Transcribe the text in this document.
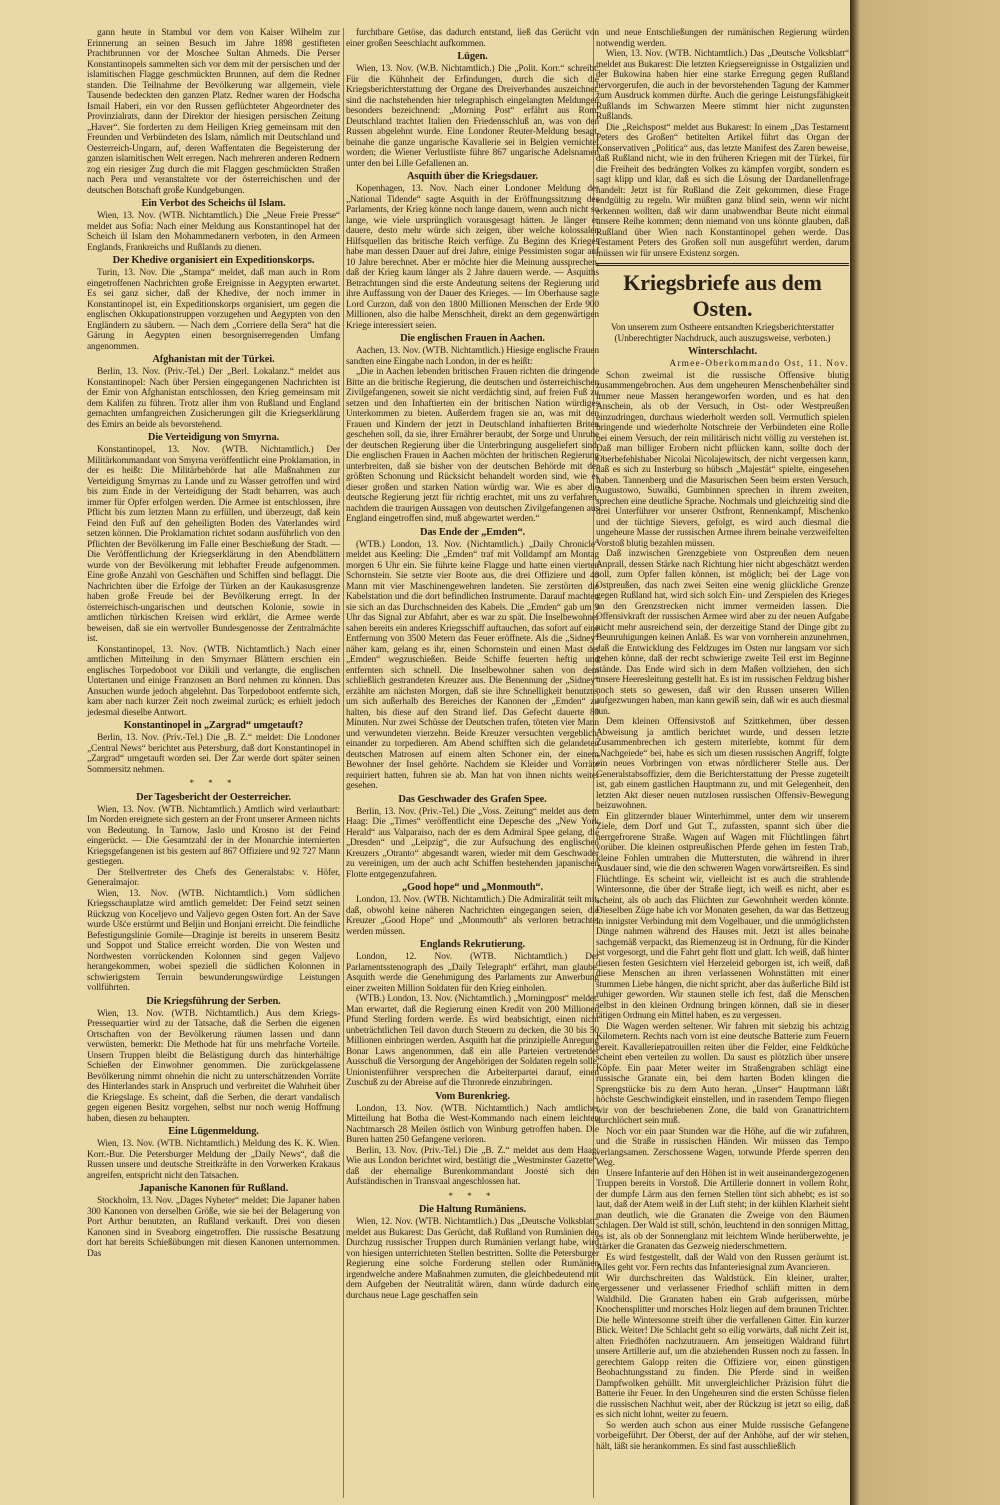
gann heute in Stambul vor dem von Kaiser Wilhelm zur Erinnerung an seinen Besuch im Jahre 1898 gestifteten Prachtbrunnen vor der Moschee Sultan Ahmeds. Die Perser Konstantinopels sammelten sich vor dem mit der persischen und der islamitischen Flagge geschmückten Brunnen, auf dem die Redner standen. Die Teilnahme der Bevölkerung war allgemein, viele Tausende bedeckten den ganzen Platz. Redner waren der Hodscha Ismail Haberi, ein vor den Russen geflüchteter Abgeordneter des Provinzialrats, dann der Direktor der hiesigen persischen Zeitung „Haver“. Sie forderten zu dem Heiligen Krieg gemeinsam mit den Freunden und Verbündeten des Islam, nämlich mit Deutschland und Oesterreich-Ungarn, auf, deren Waffentaten die Begeisterung der ganzen islamitischen Welt erregen. Nach mehreren anderen Rednern zog ein riesiger Zug durch die mit Flaggen geschmückten Straßen nach Pera und veranstaltete vor der österreichischen und der deutschen Botschaft große Kundgebungen.

Ein Verbot des Scheichs ül Islam.

Wien, 13. Nov. (WTB. Nichtamtlich.) Die „Neue Freie Presse“ meldet aus Sofia: Nach einer Meldung aus Konstantinopel hat der Scheich ül Islam den Mohammedanern verboten, in den Armeen Englands, Frankreichs und Rußlands zu dienen.

Der Khedive organisiert ein Expeditionskorps.

Turin, 13. Nov. Die „Stampa“ meldet, daß man auch in Rom eingetroffenen Nachrichten große Ereignisse in Aegypten erwartet. Es sei ganz sicher, daß der Khedive, der noch immer in Konstantinopel ist, ein Expeditionskorps organisiert, um gegen die englischen Okkupationstruppen vorzugehen und Aegypten von den Engländern zu säubern. — Nach dem „Corriere della Sera“ hat die Gärung in Aegypten einen besorgniserregenden Umfang angenommen.

Afghanistan mit der Türkei.

Berlin, 13. Nov. (Priv.-Tel.) Der „Berl. Lokalanz.“ meldet aus Konstantinopel: Nach über Persien eingegangenen Nachrichten ist der Emir von Afghanistan entschlossen, den Krieg gemeinsam mit dem Kalifen zu führen. Trotz aller ihm von Rußland und England gemachten umfangreichen Zusicherungen gilt die Kriegserklärung des Emirs an beide als bevorstehend.

Die Verteidigung von Smyrna.

Konstantinopel, 13. Nov. (WTB. Nichtamtlich.) Der Militärkommandant von Smyrna veröffentlicht eine Proklamation, in der es heißt: Die Militärbehörde hat alle Maßnahmen zur Verteidigung Smyrnas zu Lande und zu Wasser getroffen und wird bis zum Ende in der Verteidigung der Stadt beharren, was auch immer für Opfer erfolgen werden. Die Armee ist entschlossen, ihre Pflicht bis zum letzten Mann zu erfüllen, und überzeugt, daß kein Feind den Fuß auf den geheiligten Boden des Vaterlandes wird setzen können. Die Proklamation richtet sodann ausführlich von den Pflichten der Bevölkerung im Falle einer Beschießung der Stadt. — Die Veröffentlichung der Kriegserklärung in den Abendblättern wurde von der Bevölkerung mit lebhafter Freude aufgenommen. Eine große Anzahl von Geschäften und Schiffen sind beflaggt. Die Nachrichten über die Erfolge der Türken an der Kaukasusgrenze haben große Freude bei der Bevölkerung erregt. In der österreichisch-ungarischen und deutschen Kolonie, sowie in amtlichen türkischen Kreisen wird erklärt, die Armee werde beweisen, daß sie ein wertvoller Bundesgenosse der Zentralmächte ist.

Konstantinopel, 13. Nov. (WTB. Nichtamtlich.) Nach einer amtlichen Mitteilung in den Smyrnaer Blättern erschien ein englisches Torpedoboot vor Dikili und verlangte, die englischen Untertanen und einige Franzosen an Bord nehmen zu können. Das Ansuchen wurde jedoch abgelehnt. Das Torpedoboot entfernte sich, kam aber nach kurzer Zeit noch zweimal zurück; es erhielt jedoch jedesmal dieselbe Antwort.

Konstantinopel in „Zargrad“ umgetauft?

Berlin, 13. Nov. (Priv.-Tel.) Die „B. Z.“ meldet: Die Londoner „Central News“ berichtet aus Petersburg, daß dort Konstantinopel in „Zargrad“ umgetauft worden sei. Der Zar werde dort später seinen Sommersitz nehmen.

* * *
Der Tagesbericht der Oesterreicher.

Wien, 13. Nov. (WTB. Nichtamtlich.) Amtlich wird verlautbart: Im Norden ereignete sich gestern an der Front unserer Armeen nichts von Bedeutung. In Tarnow, Jaslo und Krosno ist der Feind eingerückt. — Die Gesamtzahl der in der Monarchie internierten Kriegsgefangenen ist bis gestern auf 867 Offiziere und 92 727 Mann gestiegen.

Der Stellvertreter des Chefs des Generalstabs: v. Höfer, Generalmajor.

Wien, 13. Nov. (WTB. Nichtamtlich.) Vom südlichen Kriegsschauplatze wird amtlich gemeldet: Der Feind setzt seinen Rückzug von Koceljevo und Valjevo gegen Osten fort. An der Save wurde Ušće erstürmt und Beljin und Bonjani erreicht. Die feindliche Befestigungslinie Gomile—Draginje ist bereits in unserem Besitz und Soppot und Stalice erreicht worden. Die von Westen und Nordwesten vorrückenden Kolonnen sind gegen Valjevo herangekommen, wobei speziell die südlichen Kolonnen in schwierigstem Terrain bewunderungswürdige Leistungen vollführten.

Die Kriegsführung der Serben.

Wien, 13. Nov. (WTB. Nichtamtlich.) Aus dem Kriegs-Pressequartier wird zu der Tatsache, daß die Serben die eigenen Ortschaften von der Bevölkerung räumen lassen und dann verwüsten, bemerkt: Die Methode hat für uns mehrfache Vorteile. Unsern Truppen bleibt die Belästigung durch das hinterhältige Schießen der Einwohner genommen. Die zurückgelassene Bevölkerung nimmt ohnehin die nicht zu unterschätzenden Vorräte des Hinterlandes stark in Anspruch und verbreitet die Wahrheit über die Kriegslage. Es scheint, daß die Serben, die derart vandalisch gegen eigenen Besitz vorgehen, selbst nur noch wenig Hoffnung haben, diesen zu behaupten.

Eine Lügenmeldung.

Wien, 13. Nov. (WTB. Nichtamtlich.) Meldung des K. K. Wien. Korr.-Bur. Die Petersburger Meldung der „Daily News“, daß die Russen unsere und deutsche Streitkräfte in den Vorwerken Krakaus angreifen, entspricht nicht den Tatsachen.

Japanische Kanonen für Rußland.

Stockholm, 13. Nov. „Dages Nyheter“ meldet: Die Japaner haben 300 Kanonen von derselben Größe, wie sie bei der Belagerung von Port Arthur benutzten, an Rußland verkauft. Drei von diesen Kanonen sind in Sveaborg eingetroffen. Die russische Besatzung dort hat bereits Schießübungen mit diesen Kanonen unternommen. Das

furchtbare Getöse, das dadurch entstand, ließ das Gerücht von einer großen Seeschlacht aufkommen.

Lügen.

Wien, 13. Nov. (W.B. Nichtamtlich.) Die „Polit. Korr.“ schreibt: Für die Kühnheit der Erfindungen, durch die sich die Kriegsberichterstattung der Organe des Dreiverbandes auszeichnet, sind die nachstehenden hier telegraphisch eingelangten Meldungen besonders bezeichnend: „Morning Post“ erfährt aus Rom: Deutschland trachtet Italien den Friedensschluß an, was von den Russen abgelehnt wurde. Eine Londoner Reuter-Meldung besagt, beinahe die ganze ungarische Kavallerie sei in Belgien vernichtet worden; die Wiener Verlustliste führe 867 ungarische Adelsnamen unter den bei Lille Gefallenen an.

Asquith über die Kriegsdauer.

Kopenhagen, 13. Nov. Nach einer Londoner Meldung der „National Tidende“ sagte Asquith in der Eröffnungssitzung des Parlaments, der Krieg könne noch lange dauern, wenn auch nicht so lange, wie viele ursprünglich vorausgesagt hätten. Je länger er dauere, desto mehr würde sich zeigen, über welche kolossalen Hilfsquellen das britische Reich verfüge. Zu Beginn des Krieges habe man dessen Dauer auf drei Jahre, einige Pessimisten sogar auf 10 Jahre berechnet. Aber er möchte hier die Meinung aussprechen, daß der Krieg kaum länger als 2 Jahre dauern werde. — Asquiths Betrachtungen sind die erste Andeutung seitens der Regierung und ihre Auffassung von der Dauer des Krieges. — Im Oberhause sagte Lord Curzon, daß von den 1800 Millionen Menschen der Erde 900 Millionen, also die halbe Menschheit, direkt an dem gegenwärtigen Kriege interessiert seien.

Die englischen Frauen in Aachen.

Aachen, 13. Nov. (WTB. Nichtamtlich.) Hiesige englische Frauen sandten eine Eingabe nach London, in der es heißt:

„Die in Aachen lebenden britischen Frauen richten die dringende Bitte an die britische Regierung, die deutschen und österreichischen Zivilgefangenen, soweit sie nicht verdächtig sind, auf freien Fuß zu setzen und den Inhaftierten ein der britischen Nation würdiges Unterkommen zu bieten. Außerdem fragen sie an, was mit den Frauen und Kindern der jetzt in Deutschland inhaftierten Briten geschehen soll, da sie, ihrer Ernährer beraubt, der Sorge und Unruhe der deutschen Regierung über die Unterbringung ausgeliefert sind. Die englischen Frauen in Aachen möchten der britischen Regierung unterbreiten, daß sie bisher von der deutschen Behörde mit der größten Schonung und Rücksicht behandelt worden sind, wie es dieser großen und starken Nation würdig war. Wie es aber die deutsche Regierung jetzt für richtig erachtet, mit uns zu verfahren, nachdem die traurigen Aussagen von deutschen Zivilgefangenen aus England eingetroffen sind, muß abgewartet werden.“

Das Ende der „Emden“.

(WTB.) London, 13. Nov. (Nichtamtlich.) „Daily Chronicle“ meldet aus Keeling: Die „Emden“ traf mit Volldampf am Montag morgen 6 Uhr ein. Sie führte keine Flagge und hatte einen vierten Schornstein. Sie setzte vier Boote aus, die drei Offiziere und 40 Mann mit vier Maschinengewehren landeten. Sie zerstörten die Kabelstation und die dort befindlichen Instrumente. Darauf machten sie sich an das Durchschneiden des Kabels. Die „Emden“ gab um 9 Uhr das Signal zur Abfahrt, aber es war zu spät. Die Inselbewohner sahen bereits ein anderes Kriegsschiff auftauchen, das sofort auf eine Entfernung von 3500 Metern das Feuer eröffnete. Als die „Sidney“ näher kam, gelang es ihr, einen Schornstein und einen Mast der „Emden“ wegzuschießen. Beide Schiffe feuerten heftig und entfernten sich schnell. Die Inselbewohner sahen von dem schließlich gestrandeten Kreuzer aus. Die Benennung der „Sidney“ erzählte am nächsten Morgen, daß sie ihre Schnelligkeit benutzte, um sich außerhalb des Bereiches der Kanonen der „Emden“ zu halten, bis diese auf den Strand lief. Das Gefecht dauerte 80 Minuten. Nur zwei Schüsse der Deutschen trafen, töteten vier Mann und verwundeten vierzehn. Beide Kreuzer versuchten vergeblich, einander zu torpedieren. Am Abend schifften sich die gelandeten deutschen Matrosen auf einem alten Schoner ein, der einem Bewohner der Insel gehörte. Nachdem sie Kleider und Vorräte requiriert hatten, fuhren sie ab. Man hat von ihnen nichts weiter gesehen.

Das Geschwader des Grafen Spee.

Berlin, 13. Nov. (Priv.-Tel.) Die „Voss. Zeitung“ meldet aus dem Haag: Die „Times“ veröffentlicht eine Depesche des „New York Herald“ aus Valparaiso, nach der es dem Admiral Spee gelang, die „Dresden“ und „Leipzig“, die zur Aufsuchung des englischen Kreuzers „Otranto“ abgesandt waren, wieder mit dem Geschwader zu vereinigen, um der auch acht Schiffen bestehenden japanischen Flotte entgegenzufahren.

„Good hope“ und „Monmouth“.

London, 13. Nov. (WTB. Nichtamtlich.) Die Admiralität teilt mit, daß, obwohl keine näheren Nachrichten eingegangen seien, die Kreuzer „Good Hope“ und „Monmouth“ als verloren betrachtet werden müssen.

Englands Rekrutierung.

London, 12. Nov. (WTB. Nichtamtlich.) Der Parlamentsstenograph des „Daily Telegraph“ erfährt, man glaube, Asquith werde die Genehmigung des Parlaments zur Anwerbung einer zweiten Million Soldaten für den Krieg einholen.

(WTB.) London, 13. Nov. (Nichtamtlich.) „Morningpost“ meldet: Man erwartet, daß die Regierung einen Kredit von 200 Millionen Pfund Sterling fordern werde. Es wird beabsichtigt, einen nicht unbeträchtlichen Teil davon durch Steuern zu decken, die 30 bis 50 Millionen einbringen werden. Asquith hat die prinzipielle Anregung Bonar Laws angenommen, daß ein alle Parteien vertretender Ausschuß die Versorgung der Angehörigen der Soldaten regeln solle. Unionistenführer versprechen die Arbeiterpartei darauf, einen Zuschuß zu der Abreise auf die Thronrede einzubringen.

Vom Burenkrieg.

London, 13. Nov. (WTB. Nichtamtlich.) Nach amtlicher Mitteilung hat Botha die West-Kommando nach einem leichten Nachtmarsch 28 Meilen östlich von Winburg getroffen haben. Die Buren hatten 250 Gefangene verloren.

Berlin, 13. Nov. (Priv.-Tel.) Die „B. Z.“ meldet aus dem Haag: Wie aus London berichtet wird, bestätigt die „Westminster Gazette“, daß der ehemalige Burenkommandant Joosté sich den Aufständischen in Transvaal angeschlossen hat.

* * *
Die Haltung Rumäniens.

Wien, 12. Nov. (WTB. Nichtamtlich.) Das „Deutsche Volksblatt“ meldet aus Bukarest: Das Gerücht, daß Rußland von Rumänien den Durchzug russischer Truppen durch Rumänien verlangt habe, wird von hiesigen unterrichteten Stellen bestritten. Sollte die Petersburger Regierung eine solche Forderung stellen oder Rumänien irgendwelche andere Maßnahmen zumuten, die gleichbedeutend mit dem Aufgeben der Neutralität wären, dann würde dadurch eine durchaus neue Lage geschaffen sein

und neue Entschließungen der rumänischen Regierung würden notwendig werden.

Wien, 13. Nov. (WTB. Nichtamtlich.) Das „Deutsche Volksblatt“ meldet aus Bukarest: Die letzten Kriegsereignisse in Ostgalizien und der Bukowina haben hier eine starke Erregung gegen Rußland hervorgerufen, die auch in der bevorstehenden Tagung der Kammer zum Ausdruck kommen dürfte. Auch die geringe Leistungsfähigkeit Rußlands im Schwarzen Meere stimmt hier nicht zugunsten Rußlands.

Die „Reichspost“ meldet aus Bukarest: In einem „Das Testament Peters des Großen“ betitelten Artikel führt das Organ der Konservativen „Politica“ aus, das letzte Manifest des Zaren beweise, daß Rußland nicht, wie in den früheren Kriegen mit der Türkei, für die Freiheit des bedrängten Volkes zu kämpfen vorgibt, sondern es sagt klipp und klar, daß es sich die Lösung der Dardanellenfrage handelt: Jetzt ist für Rußland die Zeit gekommen, diese Frage endgültig zu regeln. Wir müßten ganz blind sein, wenn wir nicht erkennen wollten, daß wir dann unabwendbar Beute nicht einmal unsere Reihe kommen; denn niemand von uns könnte glauben, daß Rußland über Wien nach Konstantinopel gehen werde. Das Testament Peters des Großen soll nun ausgeführt werden, darum müssen wir für unsere Existenz sorgen.

Kriegsbriefe aus dem Osten.
Von unserem zum Ostheere entsandten Kriegsberichterstatter
(Unberechtigter Nachdruck, auch auszugsweise, verboten.)
Winterschlacht.
Armee-Oberkommando Ost, 11. Nov.

Schon zweimal ist die russische Offensive blutig zusammengebrochen. Aus dem ungeheuren Menschenbehälter sind immer neue Massen herangeworfen worden, und es hat den Anschein, als ob der Versuch, in Ost- oder Westpreußen einzudringen, durchaus wiederholt werden soll. Vermutlich spielen bringende und wiederholte Notschreie der Verbündeten eine Rolle bei einem Versuch, der rein militärisch nicht völlig zu verstehen ist. Daß man billiger Erobern nicht pflücken kann, sollte doch der Oberbefehlshaber Nicolai Nicolajewitsch, der nicht vergessen kann, daß es sich zu Insterburg so hübsch „Majestät“ spielte, eingesehen haben. Tannenberg und die Masurischen Seen beim ersten Versuch, Augustowo, Suwalki, Gumbinnen sprechen in ihrem zweiten, sprechen eine deutliche Sprache. Nochmals und gleichzeitig sind die drei Unterführer vor unserer Ostfront, Rennenkampf, Mischenko und der tüchtige Sievers, gefolgt, es wird auch diesmal die ungeheure Masse der russischen Armee ihrem beinahe verzweifelten Vorstoß blutig bezahlen müssen.

Daß inzwischen Grenzgebiete von Ostpreußen dem neuen Anprall, dessen Stärke nach Richtung hier nicht abgeschätzt werden soll, zum Opfer fallen können, ist möglich; bei der Lage von Ostpreußen, das nach zwei Seiten eine wenig glückliche Grenze gegen Rußland hat, wird sich solch Ein- und Zerspielen des Krieges an den Grenzstrecken nicht immer vermeiden lassen. Die Offensivkraft der russischen Armee wird aber zu der neuen Aufgabe nicht mehr ausreichend sein, der derzeitige Stand der Dinge gibt zu Beunruhigungen keinen Anlaß. Es war von vornherein anzunehmen, daß die Entwicklung des Feldzuges im Osten nur langsam vor sich gehen könne, daß der recht schwierige zweite Teil erst im Beginne stände. Das Ende wird sich in dem Maßen vollziehen, den sich unsere Heeresleitung gestellt hat. Es ist im russischen Feldzug bisher noch stets so gewesen, daß wir den Russen unseren Willen aufgezwungen haben, man kann gewiß sein, daß wir es auch diesmal tun.

Dem kleinen Offensivstoß auf Szittkehmen, über dessen Abweisung ja amtlich berichtet wurde, und dessen letzte Zusammenbrechen ich gestern miterlebte, kommt für dem „Nachgeiede“ bei, habe es sich um diesen russischen Angriff, folgte ein neues Vorbringen von etwas nördlicherer Stelle aus. Der Generalstabsoffizier, dem die Berichterstattung der Presse zugeteilt ist, gab einem gastlichen Hauptmann zu, und mit Gelegenheit, den letzten Akt dieser neuen nutzlosen russischen Offensiv-Bewegung beizuwohnen.

Ein glitzernder blauer Winterhimmel, unter dem wir unserem Ziele, dem Dorf und Gut T., zufassten, spannt sich über die herrgefrorene Straße. Wagen auf Wagen mit Flüchtlingen fährt vorüber. Die kleinen ostpreußischen Pferde gehen im festen Trab, kleine Fohlen umtraben die Mutterstuten, die während in ihrer Ausdauer sind, wie die den schweren Wagen vorwärtsreißen. Es sind Flüchtlinge. Es scheint wir, vielleicht ist es auch die strahlende Wintersonne, die über der Straße liegt, ich weiß es nicht, aber es scheint, als ob auch das Flüchten zur Gewohnheit werden könnte. Dieselben Züge habe ich vor Monaten gesehen, da war das Bettzeug in innigster Verbindung mit dem Vogelbauer, und die unmöglichsten Dinge nahmen während des Hauses mit. Jetzt ist alles beinahe sachgemäß verpackt, das Riemenzeug ist in Ordnung, für die Kinder ist vorgesorgt, und die Fahrt geht flott und glatt. Ich weiß, daß hinter diesen festen Gesichtern viel Herzeleid geborgen ist, ich weiß, daß diese Menschen an ihren verlassenen Wohnstätten mit einer stummen Liebe hängen, die nicht spricht, aber das äußerliche Bild ist ruhiger geworden. Wir staunen stelle ich fest, daß die Menschen selbst in den kleinen Ordnung bringen können, daß sie in dieser tätigen Ordnung ein Mittel haben, es zu vergessen.

Die Wagen werden seltener. Wir fahren mit siebzig bis achtzig Kilometern. Rechts nach vorn ist eine deutsche Batterie zum Feuern bereit. Kavalleriepatrouillen reiten über die Felder, eine Feldküche scheint eben verteilen zu wollen. Da saust es plötzlich über unsere Köpfe. Ein paar Meter weiter im Straßengraben schlägt eine russische Granate ein, bei dem harten Boden klingen die Sprengstücke bis zu dem Auto heran. „Unser“ Hauptmann läßt höchste Geschwindigkeit einstellen, und in rasendem Tempo fliegen wir von der beschriebenen Zone, die bald von Granattrichtern durchlöchert sein muß.

Noch vor ein paar Stunden war die Höhe, auf die wir zufahren, und die Straße in russischen Händen. Wir müssen das Tempo verlangsamen. Zerschossene Wagen, totwunde Pferde sperren den Weg.

Unsere Infanterie auf den Höhen ist in weit auseinandergezogenen Truppen bereits in Vorstoß. Die Artillerie donnert in vollem Rohr, der dumpfe Lärm aus den fernen Stellen tönt sich abhebt; es ist so laut, daß der Atem weiß in der Luft steht; in der kühlen Klarheit sieht man deutlich, wie die Granaten die Zweige von den Bäumen schlagen. Der Wald ist still, schön, leuchtend in den sonnigen Mittag, es ist, als ob der Sonnenglanz mit leichtem Winde herüberwehte, je stärker die Granaten das Gezweig niederschmettern.

Es wird festgestellt, daß der Wald von den Russen geräumt ist. Alles geht vor. Fern rechts das Infanteriesignal zum Avancieren.

Wir durchschreiten das Waldstück. Ein kleiner, uralter, vergessener und verlassener Friedhof schläft mitten in dem Waldbild. Die Granaten haben ein Grab aufgerissen, mürbe Knochensplitter und morsches Holz liegen auf dem braunen Trichter. Die helle Wintersonne streift über die verfallenen Gitter. Ein kurzer Blick. Weiter! Die Schlacht geht so eilig vorwärts, daß nicht Zeit ist, alten Friedhöfen nachzutrauern. Am jenseitigen Waldrand führt unsere Artillerie auf, um die abziehenden Russen noch zu fassen. In gerechtem Galopp reiten die Offiziere vor, einen günstigen Beobachtungsstand zu finden. Die Pferde sind in weißen Dampfwolken gehüllt. Mit unvergleichlicher Präzision führt die Batterie ihr Feuer. In den Ungeheuren sind die ersten Schüsse fielen die russischen Nachhut weit, aber der Rückzug ist jetzt so eilig, daß es sich nicht lohnt, weiter zu feuern.

So werden auch schon aus einer Mulde russische Gefangene vorbeigeführt. Der Oberst, der auf der Anhöhe, auf der wir stehen, hält, läßt sie herankommen. Es sind fast ausschließlich
